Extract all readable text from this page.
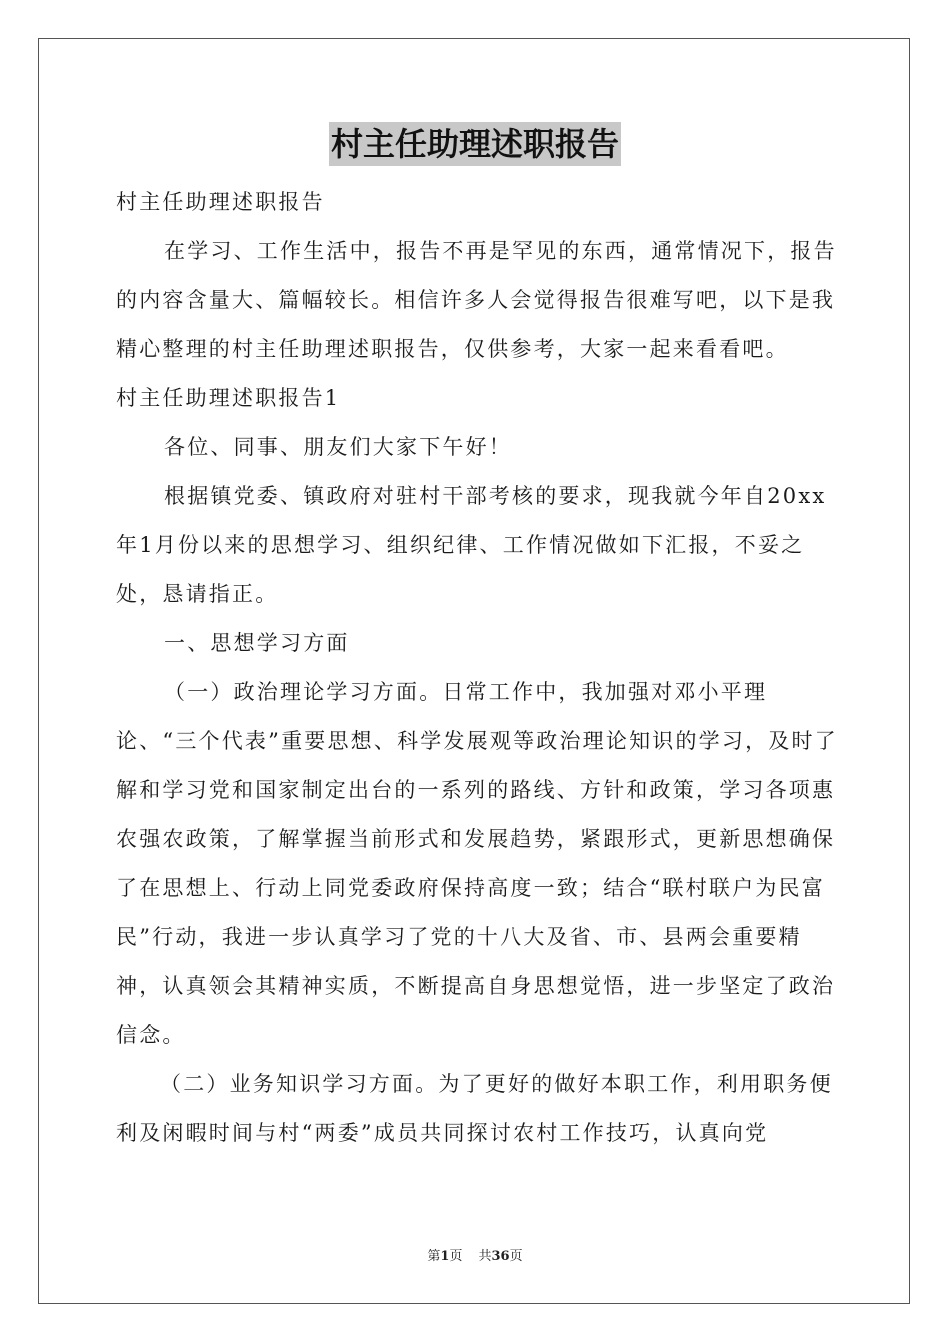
村主任助理述职报告

村主任助理述职报告

在学习、工作生活中，报告不再是罕见的东西，通常情况下，报告的内容含量大、篇幅较长。相信许多人会觉得报告很难写吧，以下是我精心整理的村主任助理述职报告，仅供参考，大家一起来看看吧。

村主任助理述职报告1

各位、同事、朋友们大家下午好！

根据镇党委、镇政府对驻村干部考核的要求，现我就今年自20xx年1月份以来的思想学习、组织纪律、工作情况做如下汇报，不妥之处，恳请指正。

一、思想学习方面

（一）政治理论学习方面。日常工作中，我加强对邓小平理论、“三个代表”重要思想、科学发展观等政治理论知识的学习，及时了解和学习党和国家制定出台的一系列的路线、方针和政策，学习各项惠农强农政策，了解掌握当前形式和发展趋势，紧跟形式，更新思想确保了在思想上、行动上同党委政府保持高度一致；结合“联村联户为民富民”行动，我进一步认真学习了党的十八大及省、市、县两会重要精神，认真领会其精神实质，不断提高自身思想觉悟，进一步坚定了政治信念。

（二）业务知识学习方面。为了更好的做好本职工作，利用职务便利及闲暇时间与村“两委”成员共同探讨农村工作技巧，认真向党

第1页 共36页
